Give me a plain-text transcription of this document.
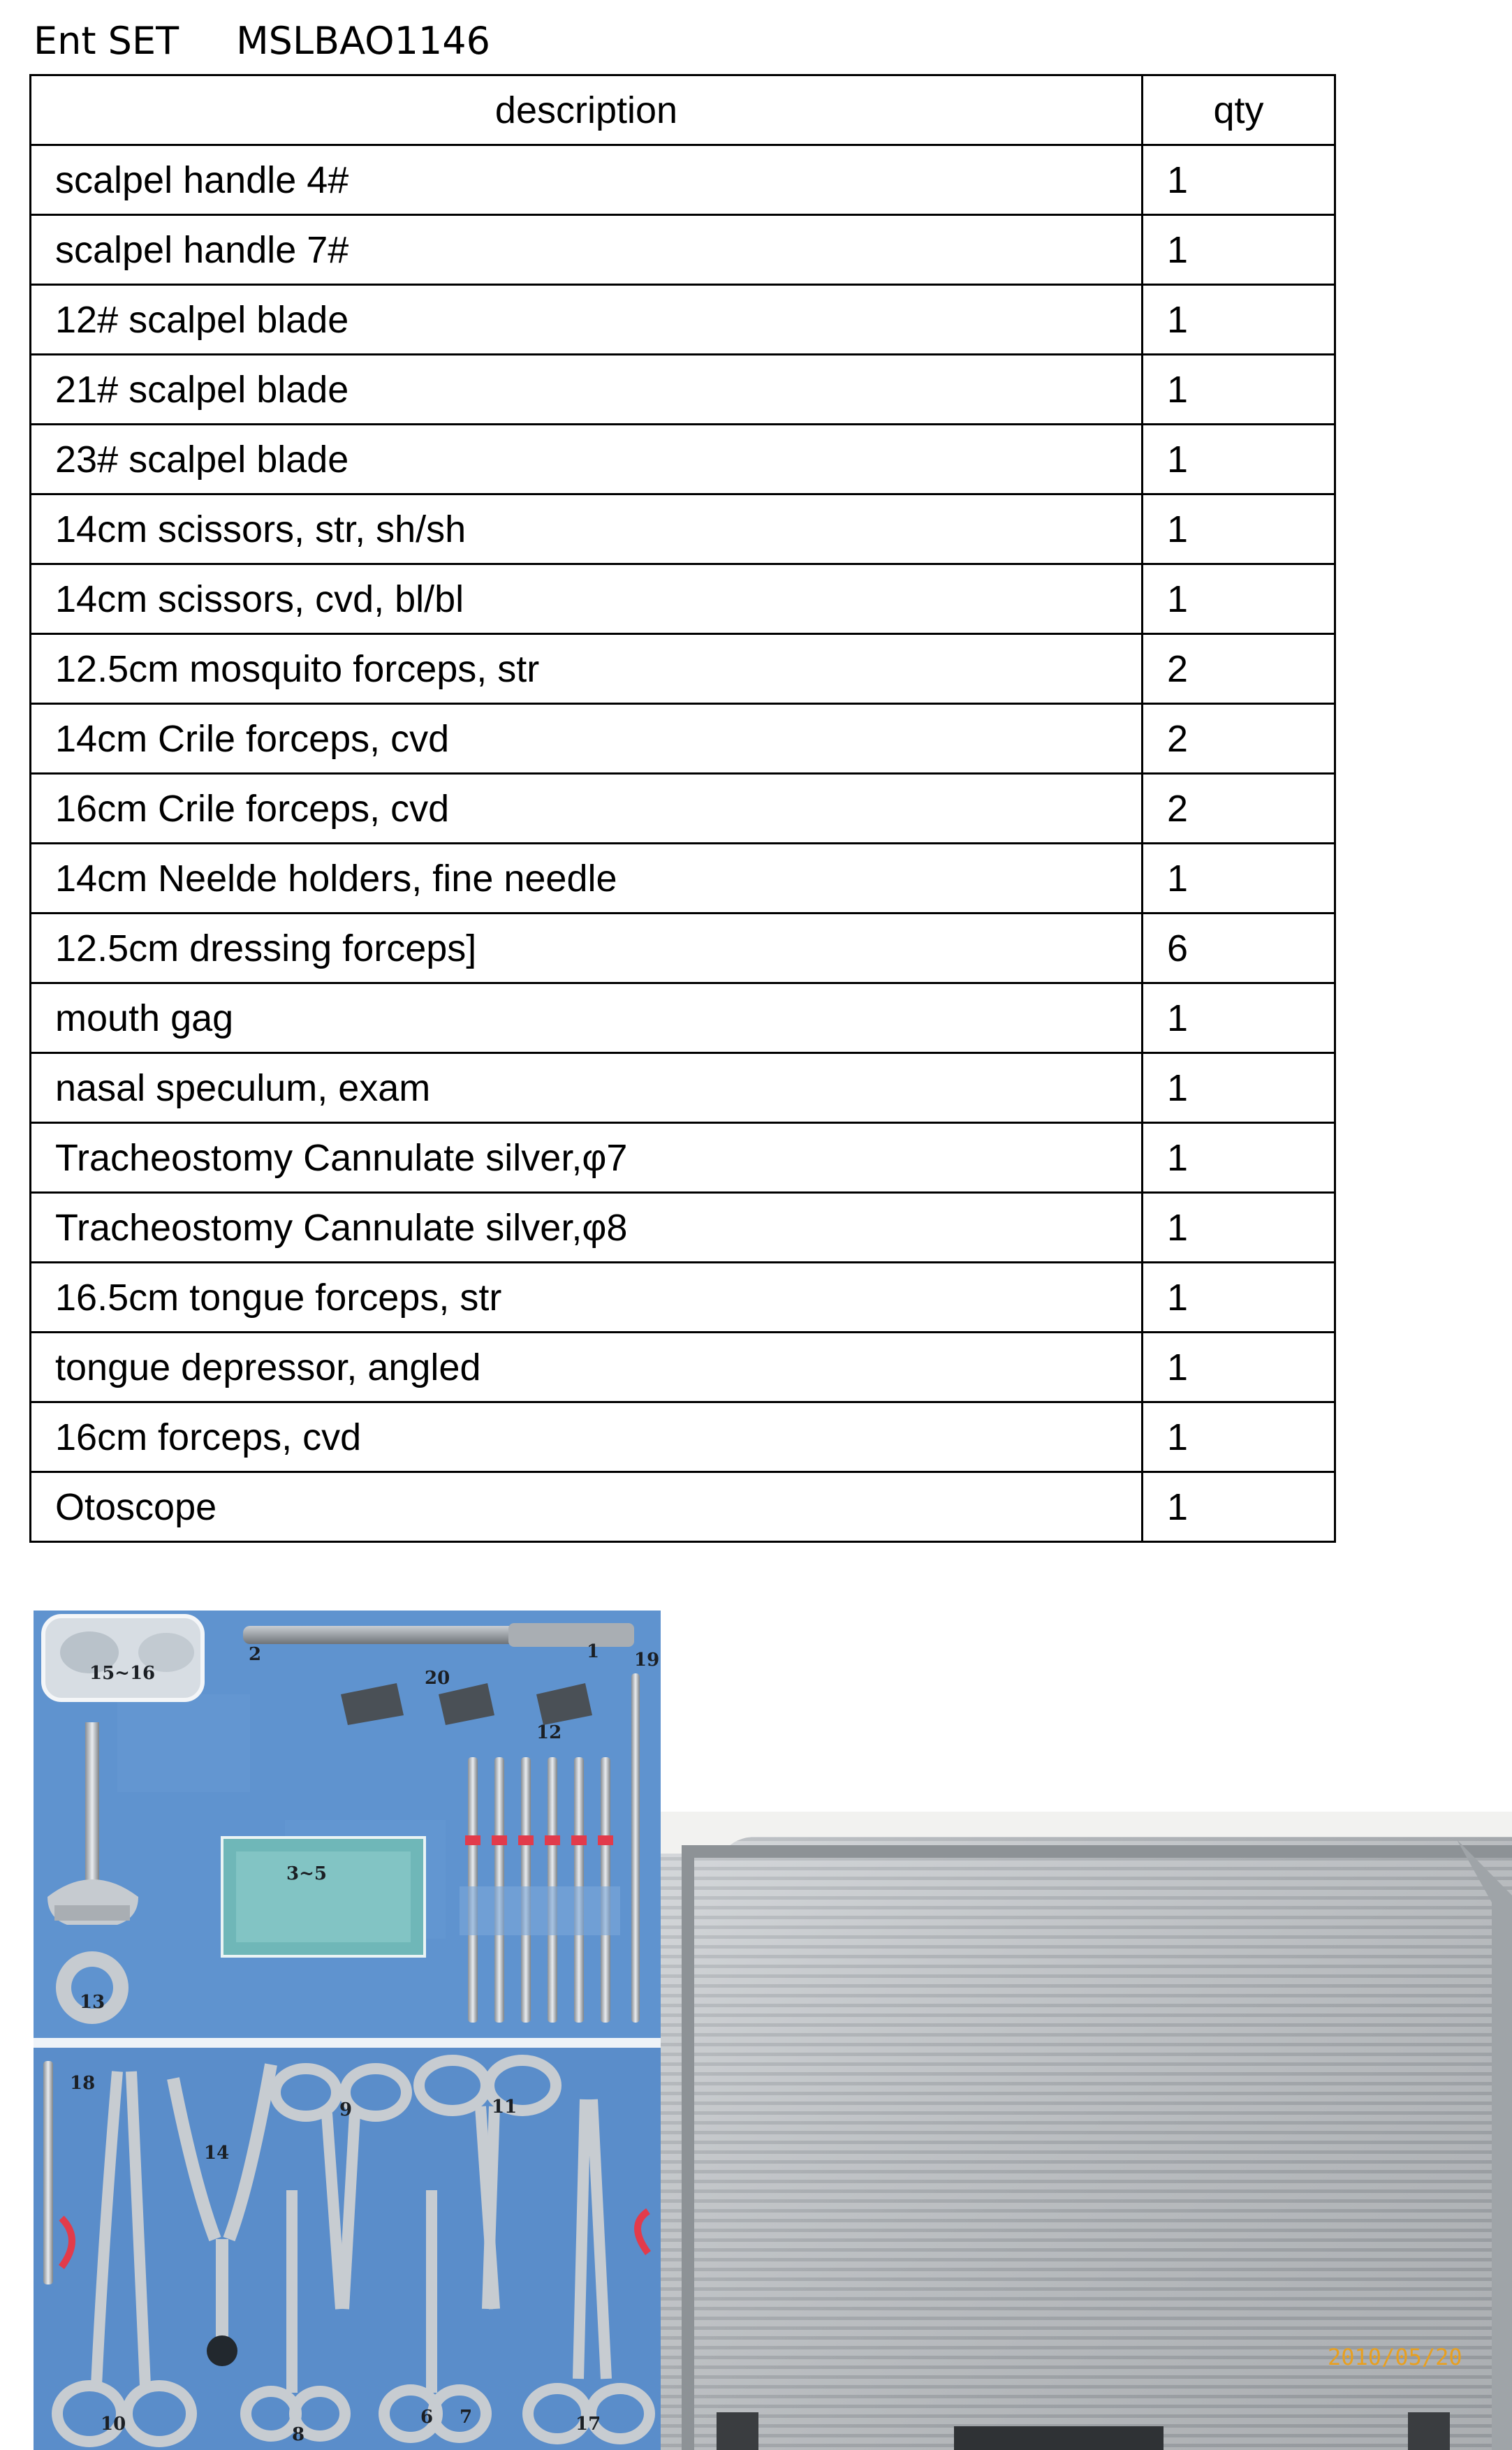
Ent SET MSLBAO1146
description	qty
scalpel handle 4#	1
scalpel handle 7#	1
12# scalpel blade	1
21# scalpel blade	1
23# scalpel blade	1
14cm scissors, str, sh/sh	1
14cm scissors, cvd, bl/bl	1
12.5cm mosquito forceps, str	2
14cm Crile forceps, cvd	2
16cm Crile forceps, cvd	2
14cm Neelde holders, fine needle	1
12.5cm dressing forceps]	6
mouth gag	1
nasal speculum, exam	1
Tracheostomy Cannulate silver,φ7	1
Tracheostomy Cannulate silver,φ8	1
16.5cm tongue forceps, str	1
tongue depressor, angled	1
16cm forceps, cvd	1
Otoscope	1
15~16
2	1 19
20
12
3~5
13
18
14
9	11
10	8
6 7	17
2010/05/20
